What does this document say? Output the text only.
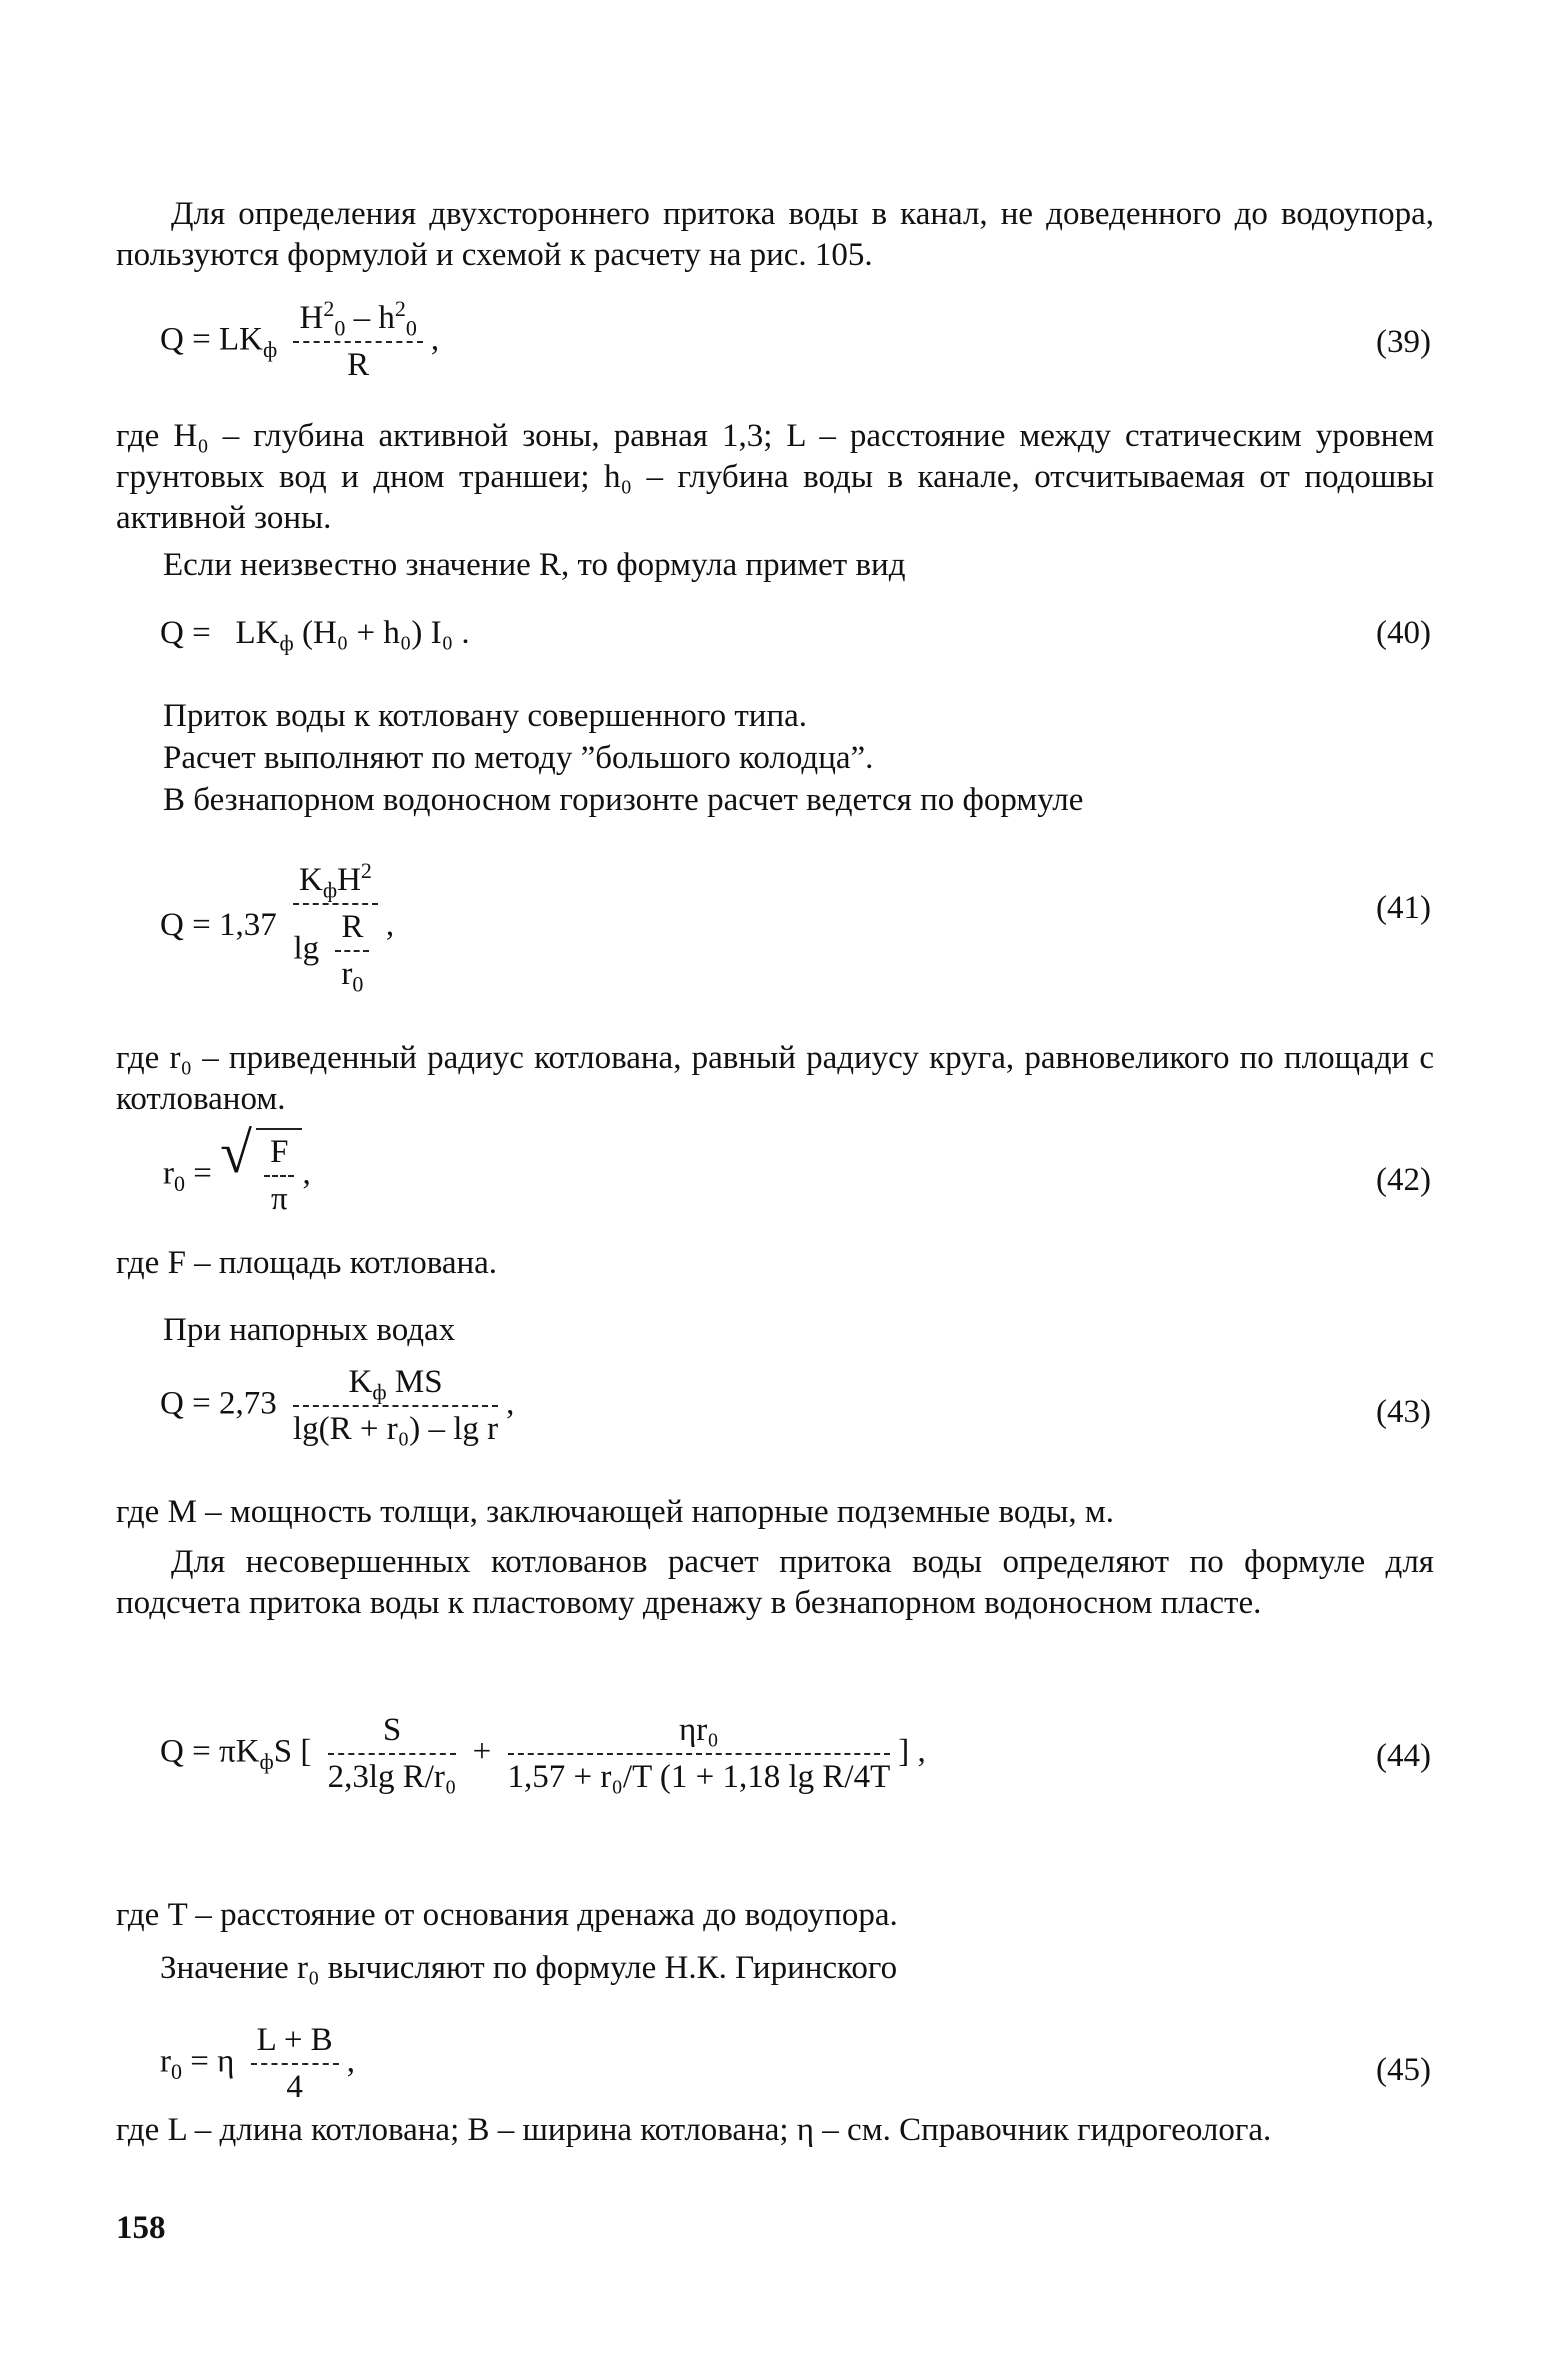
Для определения двухстороннего притока воды в канал, не доведенного до водоупора, пользуются формулой и схемой к расчету на рис. 105.
$Q = LK_ф \frac{H^2_0 - h^2_0}{R}$ ,	(39)
где H₀ – глубина активной зоны, равная 1,3; L – расстояние между статическим уровнем грунтовых вод и дном траншеи; h₀ – глубина воды в канале, отсчитываемая от подошвы активной зоны.
Если неизвестно значение R, то формула примет вид
$Q = LK_ф$ (H₀ + h₀) I₀ .	(40)
Приток воды к котловану совершенного типа.
Расчет выполняют по методу ”большого колодца”.
В безнапорном водоносном горизонте расчет ведется по формуле
$Q = 1,37 \frac{K_фH^2}{\lg \frac{R}{r_0}}$ ,	(41)
где r₀ – приведенный радиус котлована, равный радиусу круга, равновеликого по площади с котлованом.
$r_0$ = √ $\frac{F}{\pi}$ ,	(42)
где F – площадь котлована.
При напорных водах
$Q = 2,73 \frac{K_ф MS}{\text{lg(R + r₀) – lg r}}$ ,	(43)
где M – мощность толщи, заключающей напорные подземные воды, м.
Для несовершенных котлованов расчет притока воды определяют по формуле для подсчета притока воды к пластовому дренажу в безнапорном водоносном пласте.
$Q = \pi K_фS$ [ $\frac{S}{\text{2,3lg R/r₀}} + \frac{\text{ηr₀}}{\text{1,57 + r₀/T (1 + 1,18 lg R/4T}}$ ] ,	(44)
где T – расстояние от основания дренажа до водоупора.
Значение r₀ вычисляют по формуле Н.К. Гиринского
$r_0 = \eta \frac{L + B}{4}$ ,	(45)
где L – длина котлована; B – ширина котлована; η – см. Справочник гидрогеолога.
158
